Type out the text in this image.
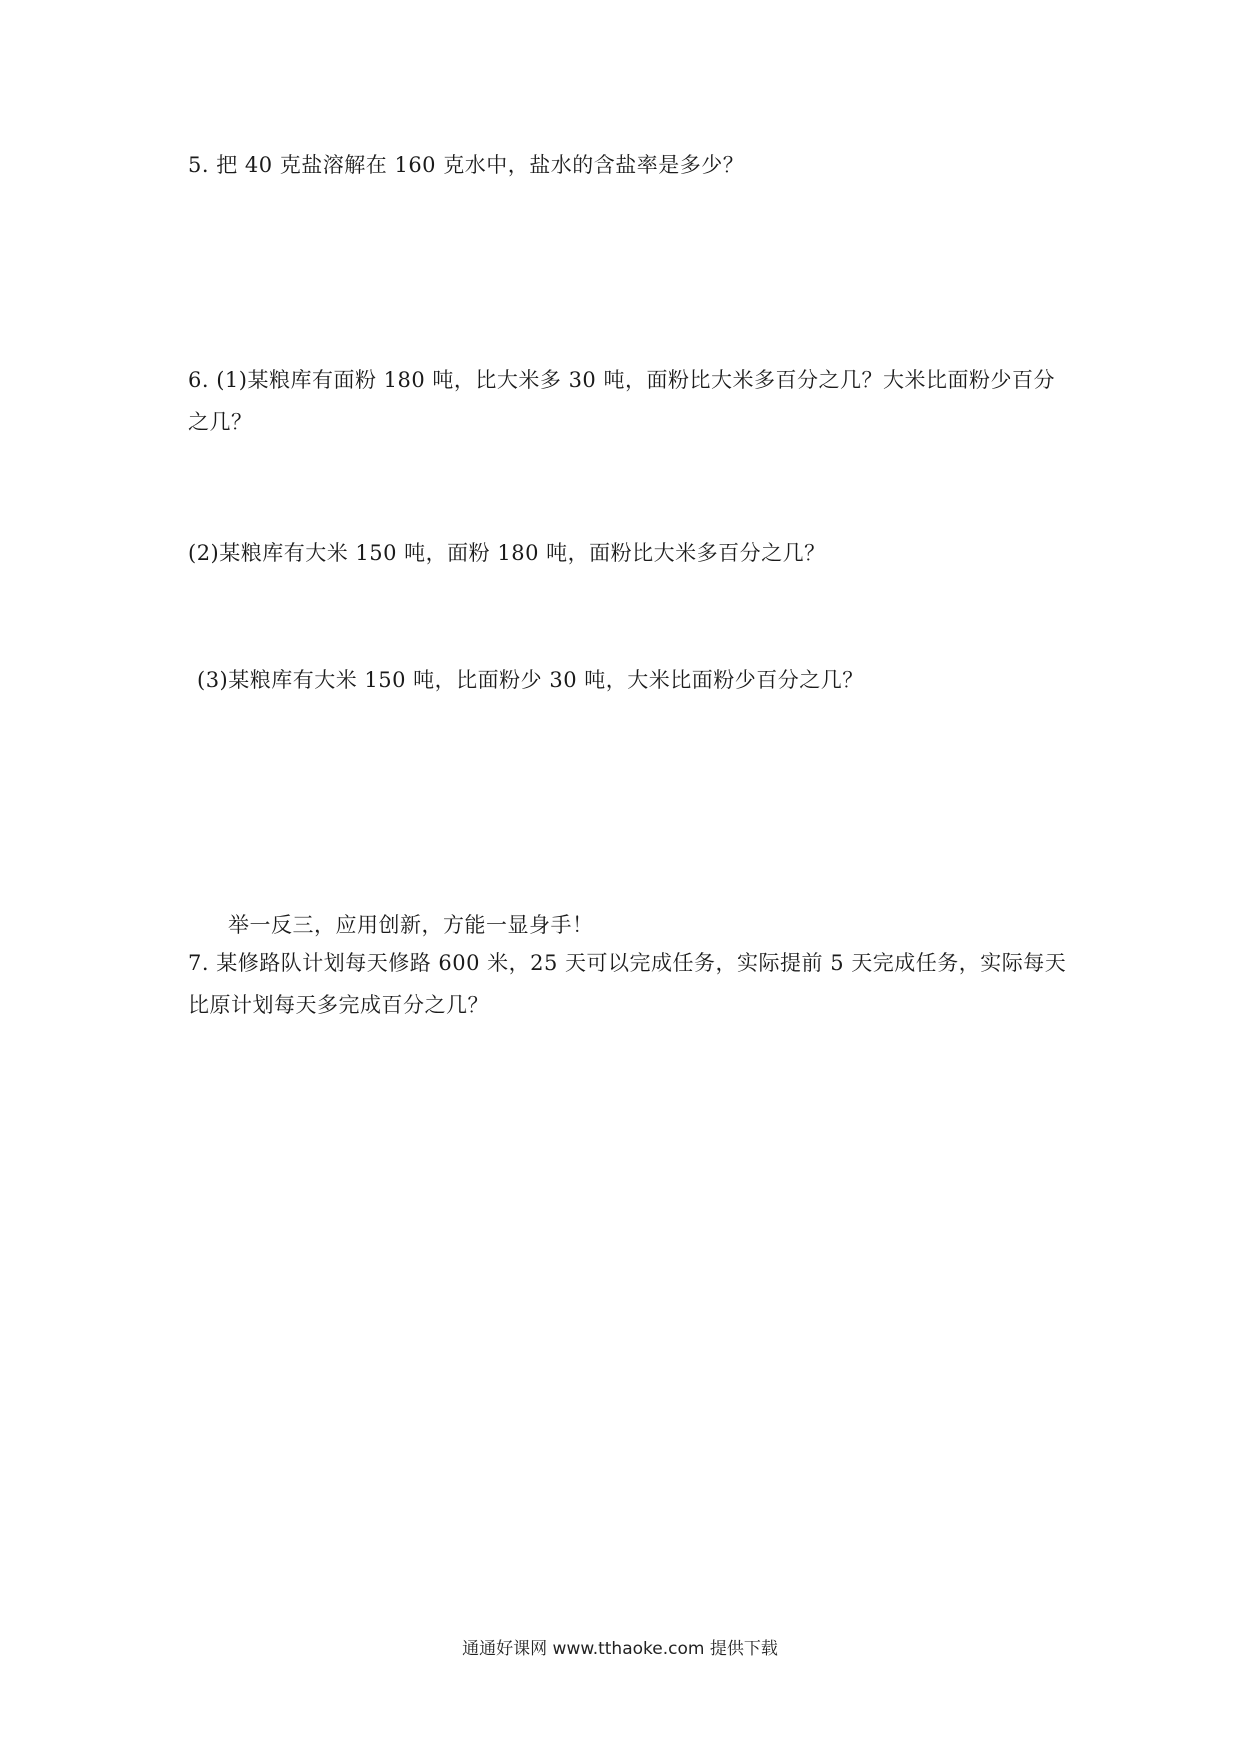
5. 把 40 克盐溶解在 160 克水中，盐水的含盐率是多少？
6. (1)某粮库有面粉 180 吨，比大米多 30 吨，面粉比大米多百分之几？大米比面粉少百分
之几？
(2)某粮库有大米 150 吨，面粉 180 吨，面粉比大米多百分之几？
(3)某粮库有大米 150 吨，比面粉少 30 吨，大米比面粉少百分之几？
举一反三，应用创新，方能一显身手！
7. 某修路队计划每天修路 600 米，25 天可以完成任务，实际提前 5 天完成任务，实际每天
比原计划每天多完成百分之几？
通通好课网 www.tthaoke.com 提供下载
